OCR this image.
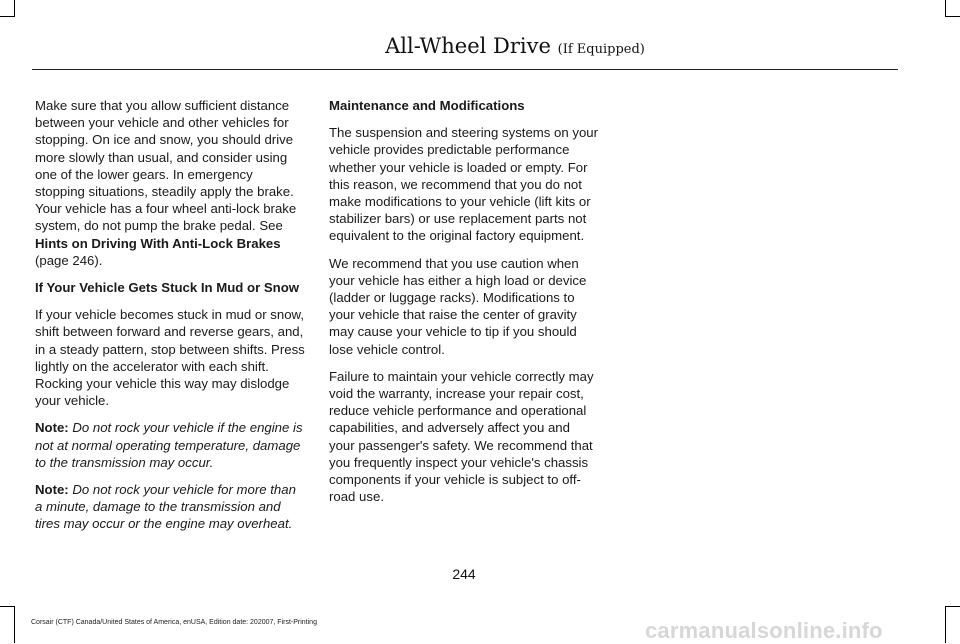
All-Wheel Drive (If Equipped)

Make sure that you allow sufficient distance between your vehicle and other vehicles for stopping. On ice and snow, you should drive more slowly than usual, and consider using one of the lower gears. In emergency stopping situations, steadily apply the brake. Your vehicle has a four wheel anti-lock brake system, do not pump the brake pedal. See Hints on Driving With Anti-Lock Brakes (page 246).

If Your Vehicle Gets Stuck In Mud or Snow

If your vehicle becomes stuck in mud or snow, shift between forward and reverse gears, and, in a steady pattern, stop between shifts. Press lightly on the accelerator with each shift. Rocking your vehicle this way may dislodge your vehicle.

Note: Do not rock your vehicle if the engine is not at normal operating temperature, damage to the transmission may occur.

Note: Do not rock your vehicle for more than a minute, damage to the transmission and tires may occur or the engine may overheat.

Maintenance and Modifications

The suspension and steering systems on your vehicle provides predictable performance whether your vehicle is loaded or empty. For this reason, we recommend that you do not make modifications to your vehicle (lift kits or stabilizer bars) or use replacement parts not equivalent to the original factory equipment.

We recommend that you use caution when your vehicle has either a high load or device (ladder or luggage racks). Modifications to your vehicle that raise the center of gravity may cause your vehicle to tip if you should lose vehicle control.

Failure to maintain your vehicle correctly may void the warranty, increase your repair cost, reduce vehicle performance and operational capabilities, and adversely affect you and your passenger's safety. We recommend that you frequently inspect your vehicle's chassis components if your vehicle is subject to off-road use.

244
Corsair (CTF) Canada/United States of America, enUSA, Edition date: 202007, First-Printing	carmanualsonline.info
